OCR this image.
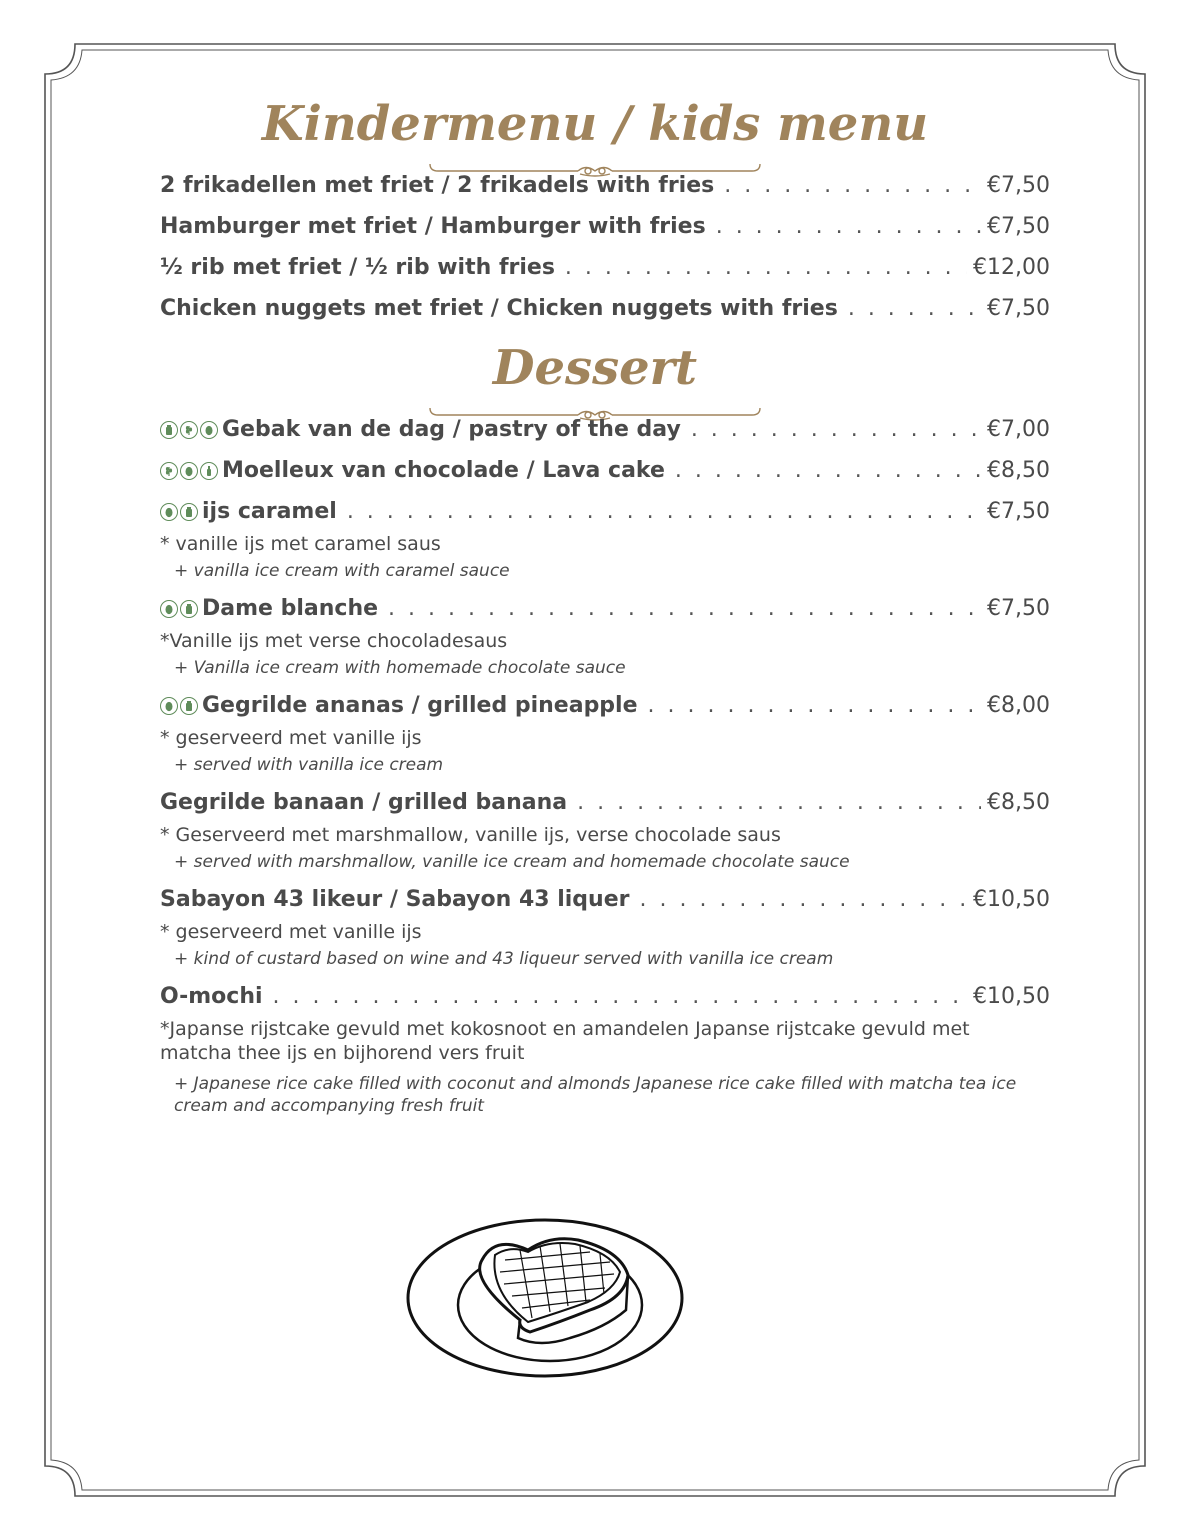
Kindermenu / kids menu
2 frikadellen met friet / 2 frikadels with fries . . .	€7,50
Hamburger met friet / Hamburger with fries . . .	€7,50
½ rib met friet / ½ rib with fries . . .	€12,00
Chicken nuggets met friet / Chicken nuggets with fries . . .	€7,50
Dessert
Gebak van de dag / pastry of the day . . .	€7,00
Moelleux van chocolade / Lava cake . . .	€8,50
ijs caramel . . .	€7,50
* vanille ijs met caramel saus
+ vanilla ice cream with caramel sauce
Dame blanche . . .	€7,50
*Vanille ijs met verse chocoladesaus
+ Vanilla ice cream with homemade chocolate sauce
Gegrilde ananas / grilled pineapple . . .	€8,00
* geserveerd met vanille ijs
+ served with vanilla ice cream
Gegrilde banaan / grilled banana . . .	€8,50
* Geserveerd met marshmallow, vanille ijs, verse chocolade saus
+ served with marshmallow, vanille ice cream and homemade chocolate sauce
Sabayon 43 likeur / Sabayon 43 liquer . . .	€10,50
* geserveerd met vanille ijs
+ kind of custard based on wine and 43 liqueur served with vanilla ice cream
O-mochi . . .	€10,50
*Japanse rijstcake gevuld met kokosnoot en amandelen Japanse rijstcake gevuld met matcha thee ijs en bijhorend vers fruit
+ Japanese rice cake filled with coconut and almonds Japanese rice cake filled with matcha tea ice cream and accompanying fresh fruit
